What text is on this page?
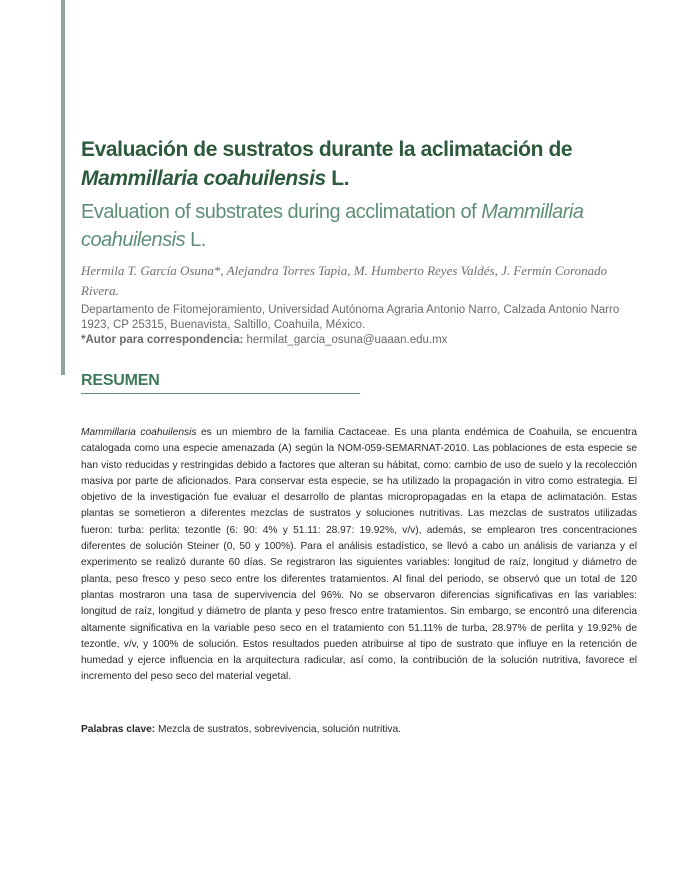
Evaluación de sustratos durante la aclimatación de Mammillaria coahuilensis L.
Evaluation of substrates during acclimatation of Mammillaria coahuilensis L.
Hermila T. García Osuna*, Alejandra Torres Tapia, M. Humberto Reyes Valdés, J. Fermín Coronado Rivera.
Departamento de Fitomejoramiento, Universidad Autónoma Agraria Antonio Narro, Calzada Antonio Narro 1923, CP 25315, Buenavista, Saltillo, Coahuila, México.
*Autor para correspondencia: hermilat_garcia_osuna@uaaan.edu.mx
RESUMEN

Mammillaria coahuilensis es un miembro de la familia Cactaceae. Es una planta endémica de Coahuila, se encuentra catalogada como una especie amenazada (A) según la NOM-059-SEMARNAT-2010. Las poblaciones de esta especie se han visto reducidas y restringidas debido a factores que alteran su hábitat, como: cambio de uso de suelo y la recolección masiva por parte de aficionados. Para conservar esta especie, se ha utilizado la propagación in vitro como estrategia. El objetivo de la investigación fue evaluar el desarrollo de plantas micropropagadas en la etapa de aclimatación. Estas plantas se sometieron a diferentes mezclas de sustratos y soluciones nutritivas. Las mezclas de sustratos utilizadas fueron: turba: perlita: tezontle (6: 90: 4% y 51.11: 28.97: 19.92%, v/v), además, se emplearon tres concentraciones diferentes de solución Steiner (0, 50 y 100%). Para el análisis estadístico, se llevó a cabo un análisis de varianza y el experimento se realizó durante 60 días. Se registraron las siguientes variables: longitud de raíz, longitud y diámetro de planta, peso fresco y peso seco entre los diferentes tratamientos. Al final del periodo, se observó que un total de 120 plantas mostraron una tasa de supervivencia del 96%. No se observaron diferencias significativas en las variables: longitud de raíz, longitud y diámetro de planta y peso fresco entre tratamientos. Sin embargo, se encontró una diferencia altamente significativa en la variable peso seco en el tratamiento con 51.11% de turba, 28.97% de perlita y 19.92% de tezontle, v/v, y 100% de solución. Estos resultados pueden atribuirse al tipo de sustrato que influye en la retención de humedad y ejerce influencia en la arquitectura radicular, así como, la contribución de la solución nutritiva, favorece el incremento del peso seco del material vegetal.

Palabras clave: Mezcla de sustratos, sobrevivencia, solución nutritiva.
